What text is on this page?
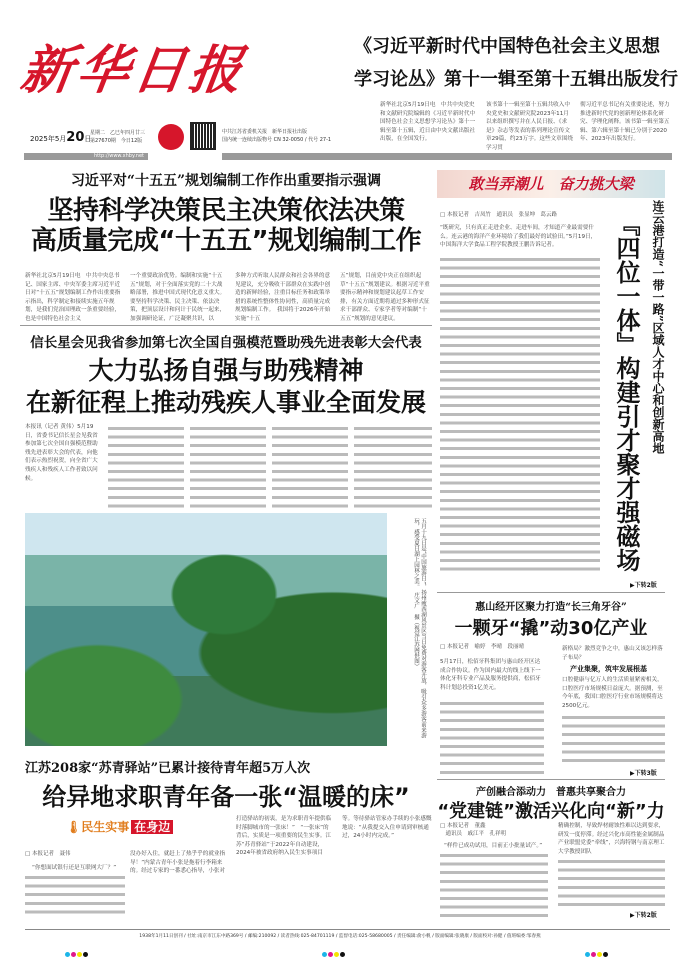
新华日报
2025年5月20日
星期二　乙巳年四月廿三
第27670期　今日12版
中共江苏省委机关报　新华日报社出版
国内统一连续出版物号 CN 32-0050 / 代号 27-1
http://www.xhby.net
《习近平新时代中国特色社会主义思想
学习论丛》第十一辑至第十五辑出版发行
新华社北京5月19日电　中共中央党史和文献研究院编辑的《习近平新时代中国特色社会主义思想学习论丛》第十一辑至第十五辑，近日由中央文献出版社出版，在全国发行。
该书第十一辑至第十五辑共收入中央党史和文献研究院2023年11月以来组织撰写并在人民日报、《求是》杂志等发表的系列理论宣传文章29篇，约23万字。这些文章围绕学习贯
彻习近平总书记有关重要论述，努力推进新时代党的创新理论体系化研究、学理化阐释。该书第一辑至第五辑、第六辑至第十辑已分别于2020年、2023年出版发行。
习近平对“十五五”规划编制工作作出重要指示强调
坚持科学决策民主决策依法决策
高质量完成“十五五”规划编制工作
新华社北京5月19日电　中共中央总书记、国家主席、中央军委主席习近平近日对“十五五”规划编制工作作出重要指示指出，科学制定和接续实施五年规划，是我们党治国理政一条重要经验，也是中国特色社会主义
一个重要政治优势。编制和实施“十五五”规划，对于全面落实党的二十大战略部署，推进中国式现代化意义重大。要坚持科学决策、民主决策、依法决策，把顶层设计和问计于民统一起来，加强调研论证，广泛凝聚共识，以
多种方式听取人民群众和社会各界的意见建议，充分吸收干部群众在实践中创造的新鲜经验，注重目标任务和政策举措的系统性整体性协同性，高质量完成规划编制工作。　我国将于2026年开始实施“十五
五”规划，目前党中央正在组织起草“十五五”规划建议。根据习近平重要指示精神和规划建议起草工作安排，有关方面近期将通过多种形式征求干部群众、专家学者等对编制“十五五”规划的意见建议。
信长星会见我省参加第七次全国自强模范暨助残先进表彰大会代表
大力弘扬自强与助残精神
在新征程上推动残疾人事业全面发展
本报讯（记者 黄伟）5月19日，省委书记信长星会见我省参加第七次全国自强模范暨助残先进表彰大会的代表，向他们表示热烈祝贺，向全省广大残疾人和残疾人工作者致以问候。
五月十九日是“中国旅游日”，扬州瘦西湖风景区当日免费对游客开放，吸引众多游客前来游玩，感受夏日湖上园林之美。　庄文广　摄（视觉江苏网供图）
江苏208家“苏青驿站”已累计接待青年超5万人次
给异地求职青年备一张“温暖的床”
🌡民生实事 在身边
□ 本报记者　聂伟
“你想面试银行还是互联网大厂？”
没办好入住，就赶上了热乎乎的就业指导！”内蒙古青年小张是拖着行李箱来的。经过专家的一番悉心指导，小张对
打造驿站的初衷，是为求职青年提供临时落脚城市的一张床！”　“一张床”的背后，实质是一项重要的民生实事。江苏“苏青驿站”于2022年自动建设，2024年被省政府纳入民生实事项目
等。等待驿站管家办手续的小张感慨地说：“从我提交入住申请到审核通过，24小时内完成。”
敢当弄潮儿　奋力挑大梁
□ 本报记者　吉凤竹　通讯员　张显坤　葛云路
“既研究，只有真正走进企业、走进车间，才知道产业最需要什么。连云港的海洋产业环境给了我们最好的试验田。”5月19日，中国海洋大学食品工程学院教授王鹏告诉记者。	连云港打造“一带一路”区域人才中心和创新高地
『四位一体』构建引才聚才强磁场
▶下转2版
惠山经开区聚力打造“长三角牙谷”
一颗牙“撬”动30亿产业
□ 本报记者　喻婷　李晴　段丽晴
5月17日，松佰牙科集团与惠山经开区达成合作协议。作为国内最大的线上线下一体化牙科专业产品及服务提供商，松佰牙科计划总投资1亿美元。
新格局？激烈竞争之中，惠山又该怎样落子布局？
产业集聚，筑牢发展根基
口腔健康与亿万人的生活质量紧密相关，口腔医疗市场规模日益庞大。据预测，至今年底，我国口腔医疗行业市场规模将达2500亿元。
▶下转3版
产创融合添动力　普惠共享聚合力
“党建链”激活兴化向“新”力
□ 本报记者　董鑫
　通讯员　戚江平　孔祥明
“样件已成功试用，目前正小批量试产。”
精确控制，导致焊材耐蚀性难以达到要求，研发一度停滞。经过兴化市高性能金属制品产业联盟党委“牵线”，兴海特钢与南京理工大学教授团队
▶下转2版
1938年1月11日创刊 / 社址:南京市江东中路369号 / 邮编:210092 / 读者热线:025-84701119 / 监督电话:025-58680005 / 责任编辑:俞小帆 / 版面编辑:张晓康 / 版面校对:孙健 / 值班编委:邹春燕
